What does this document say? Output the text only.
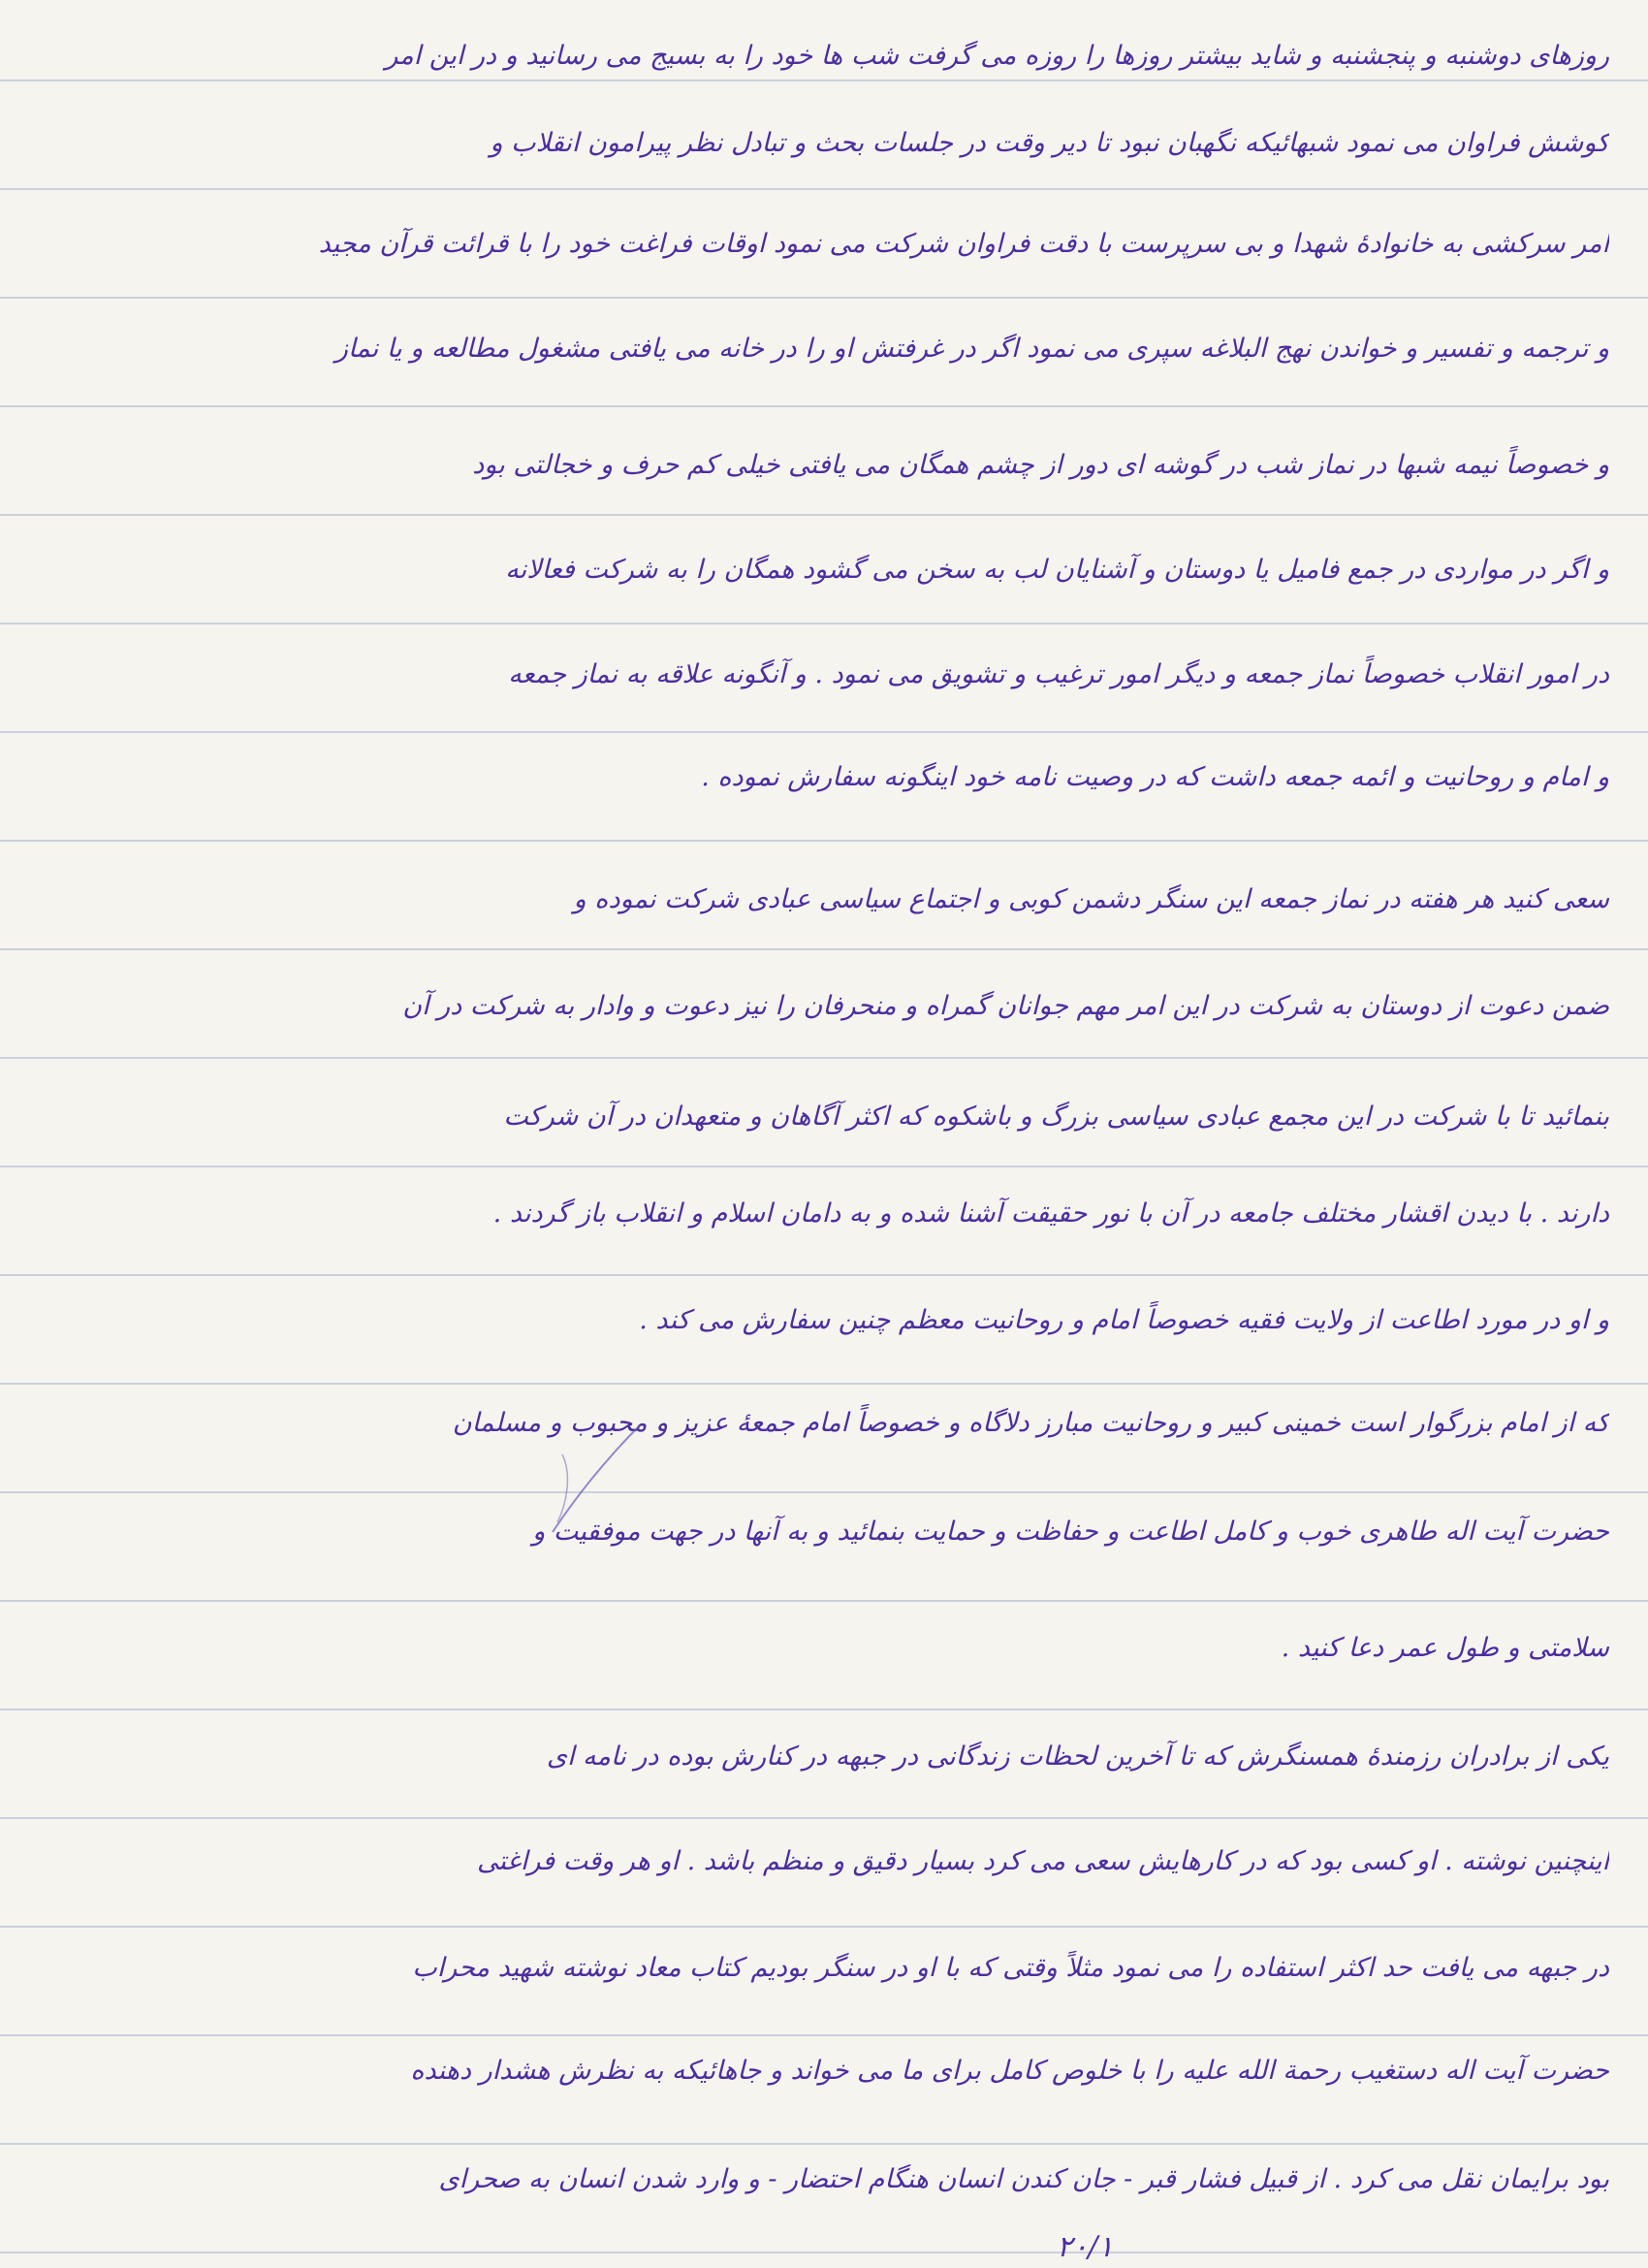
روزهای دوشنبه و پنجشنبه و شاید بیشتر روزها را روزه می گرفت شب ها خود را به بسیج می رسانید و در این امر
کوشش فراوان می نمود شبهائیکه نگهبان نبود تا دیر وقت در جلسات بحث و تبادل نظر پیرامون انقلاب و
امر سرکشی به خانوادهٔ شهدا و بی سرپرست با دقت فراوان شرکت می نمود اوقات فراغت خود را با قرائت قرآن مجید
و ترجمه و تفسیر و خواندن نهج البلاغه سپری می نمود اگر در غرفتش او را در خانه می یافتی مشغول مطالعه و یا نماز
و خصوصاً نیمه شبها در نماز شب در گوشه ای دور از چشم همگان می یافتی خیلی کم حرف و خجالتی بود
و اگر در مواردی در جمع فامیل یا دوستان و آشنایان لب به سخن می گشود همگان را به شرکت فعالانه
در امور انقلاب خصوصاً نماز جمعه و دیگر امور ترغیب و تشویق می نمود . و آنگونه علاقه به نماز جمعه
و امام و روحانیت و ائمه جمعه داشت که در وصیت نامه خود اینگونه سفارش نموده .
سعی کنید هر هفته در نماز جمعه این سنگر دشمن کوبی و اجتماع سیاسی عبادی شرکت نموده و
ضمن دعوت از دوستان به شرکت در این امر مهم جوانان گمراه و منحرفان را نیز دعوت و وادار به شرکت در آن
بنمائید تا با شرکت در این مجمع عبادی سیاسی بزرگ و باشکوه که اکثر آگاهان و متعهدان در آن شرکت
دارند . با دیدن اقشار مختلف جامعه در آن با نور حقیقت آشنا شده و به دامان اسلام و انقلاب باز گردند .
و او در مورد اطاعت از ولایت فقیه خصوصاً امام و روحانیت معظم چنین سفارش می کند .
که از امام بزرگوار است خمینی کبیر و روحانیت مبارز دلاگاه و خصوصاً امام جمعهٔ عزیز و محبوب و مسلمان
حضرت آیت اله طاهری خوب و کامل اطاعت و حفاظت و حمایت بنمائید و به آنها در جهت موفقیت و
سلامتی و طول عمر دعا کنید .
یکی از برادران رزمندهٔ همسنگرش که تا آخرین لحظات زندگانی در جبهه در کنارش بوده در نامه ای
اینچنین نوشته . او کسی بود که در کارهایش سعی می کرد بسیار دقیق و منظم باشد . او هر وقت فراغتی
در جبهه می یافت حد اکثر استفاده را می نمود مثلاً وقتی که با او در سنگر بودیم کتاب معاد نوشته شهید محراب
حضرت آیت اله دستغیب رحمة الله علیه را با خلوص کامل برای ما می خواند و جاهائیکه به نظرش هشدار دهنده
بود برایمان نقل می کرد . از قبیل فشار قبر - جان کندن انسان هنگام احتضار - و وارد شدن انسان به صحرای
۲۰/۱
